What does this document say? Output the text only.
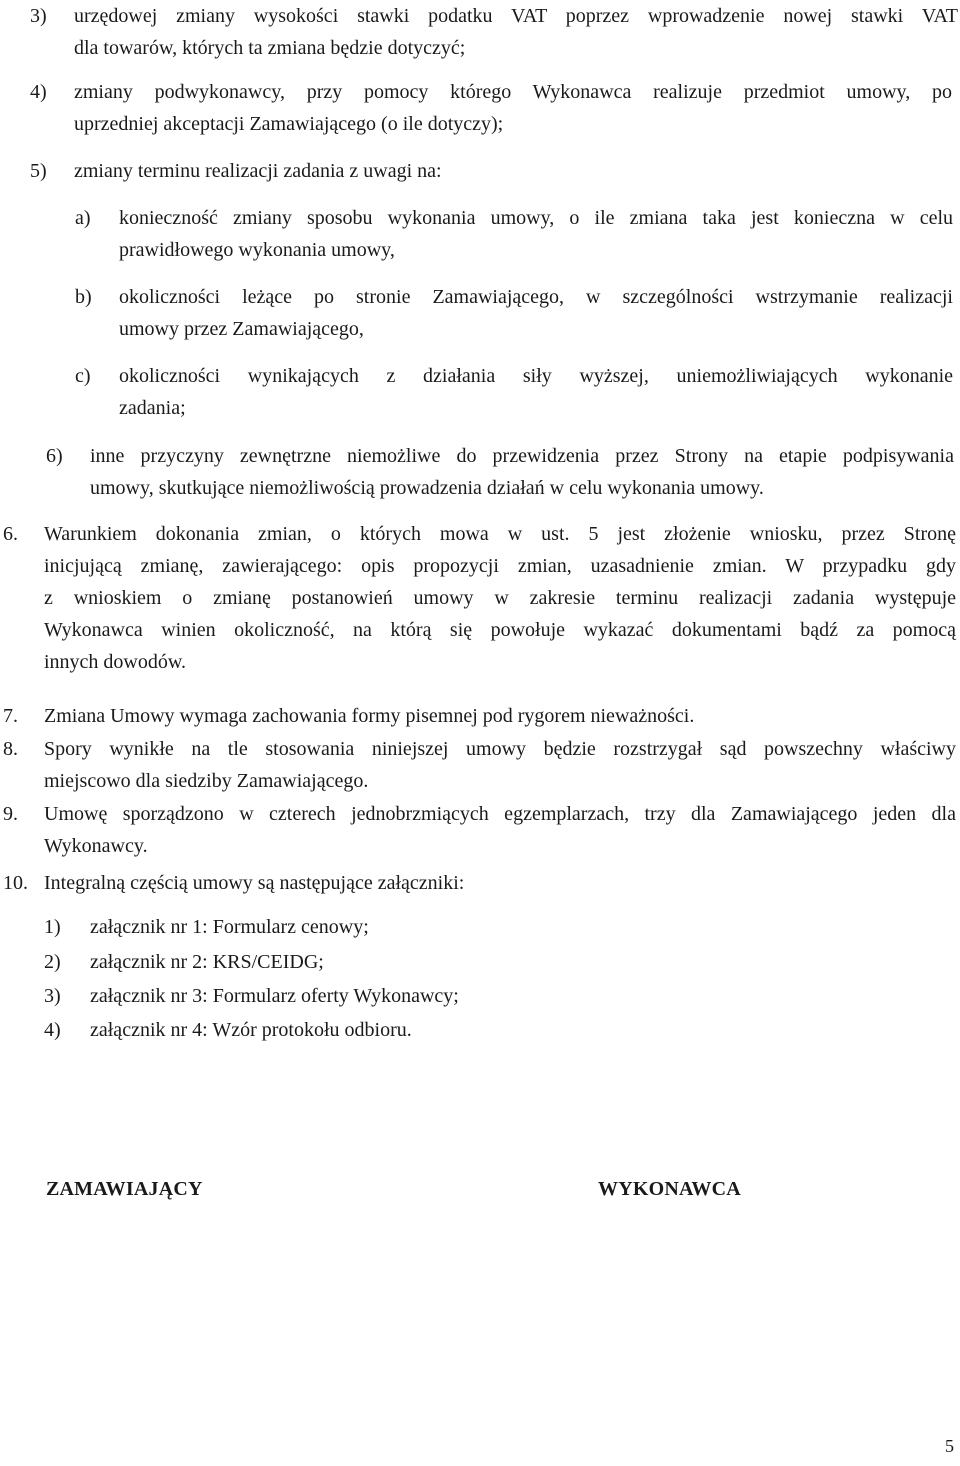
3)	urzędowej zmiany wysokości stawki podatku VAT poprzez wprowadzenie nowej stawki VAT
dla towarów, których ta zmiana będzie dotyczyć;
4)	zmiany podwykonawcy, przy pomocy którego Wykonawca realizuje przedmiot umowy, po
uprzedniej akceptacji Zamawiającego (o ile dotyczy);
5)	zmiany terminu realizacji zadania z uwagi na:
a)	konieczność zmiany sposobu wykonania umowy, o ile zmiana taka jest konieczna w celu
prawidłowego wykonania umowy,
b)	okoliczności leżące po stronie Zamawiającego, w szczególności wstrzymanie realizacji
umowy przez Zamawiającego,
c)	okoliczności wynikających z działania siły wyższej, uniemożliwiających wykonanie
zadania;
6)	inne przyczyny zewnętrzne niemożliwe do przewidzenia przez Strony na etapie podpisywania
umowy, skutkujące niemożliwością prowadzenia działań w celu wykonania umowy.
6.	Warunkiem dokonania zmian, o których mowa w ust. 5 jest złożenie wniosku, przez Stronę
inicjującą zmianę, zawierającego: opis propozycji zmian, uzasadnienie zmian. W przypadku gdy
z wnioskiem o zmianę postanowień umowy w zakresie terminu realizacji zadania występuje
Wykonawca winien okoliczność, na którą się powołuje wykazać dokumentami bądź za pomocą
innych dowodów.
7.	Zmiana Umowy wymaga zachowania formy pisemnej pod rygorem nieważności.
8.	Spory wynikłe na tle stosowania niniejszej umowy będzie rozstrzygał sąd powszechny właściwy
miejscowo dla siedziby Zamawiającego.
9.	Umowę sporządzono w czterech jednobrzmiących egzemplarzach, trzy dla Zamawiającego jeden dla
Wykonawcy.
10. Integralną częścią umowy są następujące załączniki:
1)	załącznik nr 1: Formularz cenowy;
2)	załącznik nr 2: KRS/CEIDG;
3)	załącznik nr 3: Formularz oferty Wykonawcy;
4)	załącznik nr 4: Wzór protokołu odbioru.
ZAMAWIAJĄCY	WYKONAWCA
5
